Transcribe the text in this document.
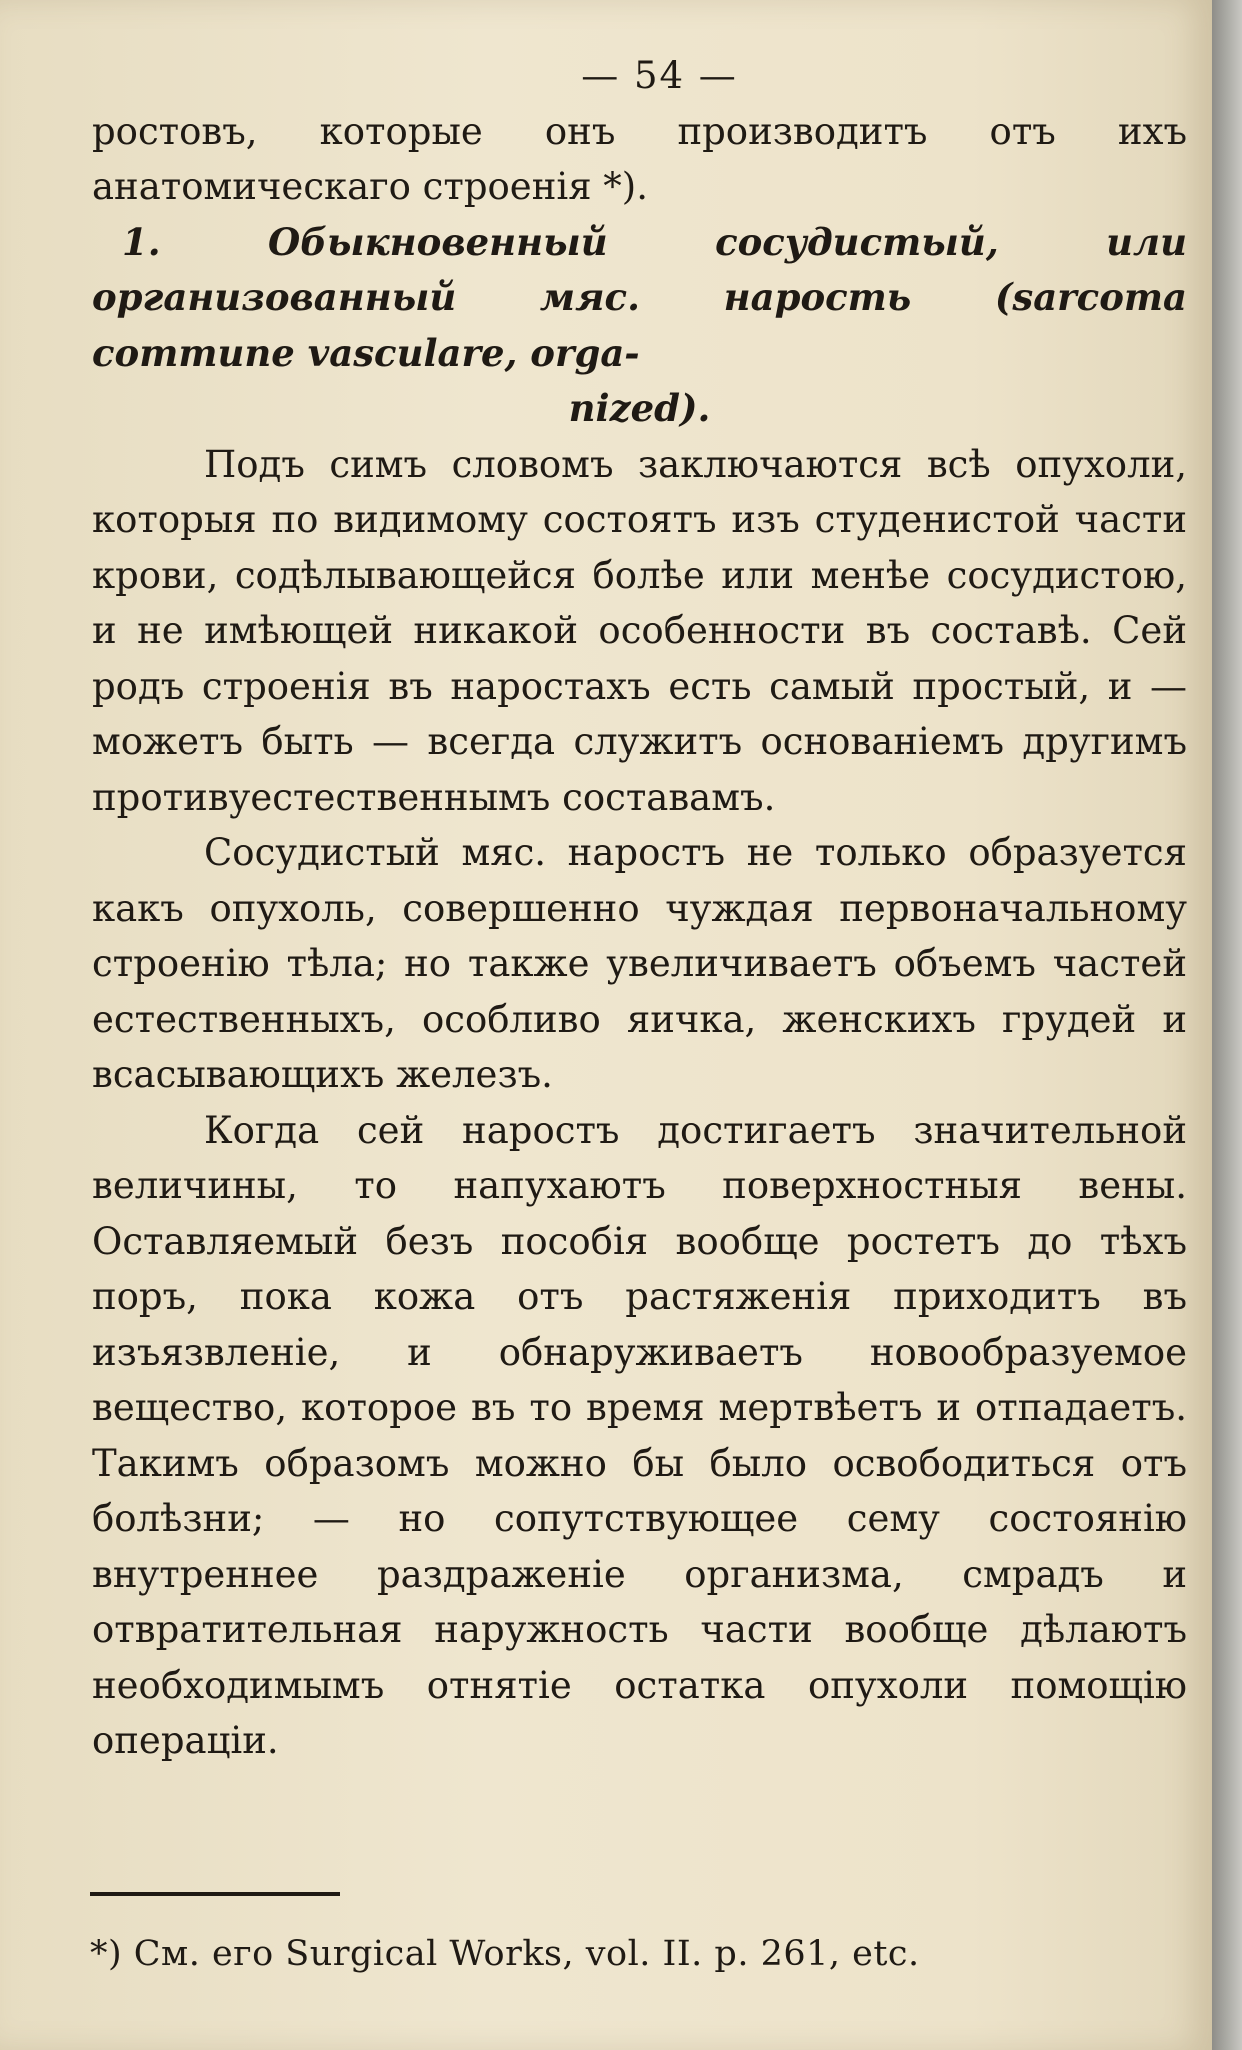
— 54 —

ростовъ, которые онъ производитъ отъ ихъ анатомическаго строенія *).

1. Обыкновенный сосудистый, или организованный мяс. нарость (sarcoma commune vasculare, orga-

nized).

Подъ симъ словомъ заключаются всѣ опухоли, которыя по видимому состоятъ изъ студенистой части крови, содѣлывающейся болѣе или менѣе сосудистою, и не имѣющей никакой особенности въ составѣ. Сей родъ строенія въ наростахъ есть самый простый, и — можетъ быть — всегда служитъ основаніемъ другимъ противуестественнымъ составамъ.

Сосудистый мяс. наростъ не только образуется какъ опухоль, совершенно чуждая первоначальному строенію тѣла; но также увеличиваетъ объемъ частей естественныхъ, особливо яичка, женскихъ грудей и всасывающихъ железъ.

Когда сей наростъ достигаетъ значительной величины, то напухаютъ поверхностныя вены. Оставляемый безъ пособія вообще ростетъ до тѣхъ поръ, пока кожа отъ растяженія приходитъ въ изъязвленіе, и обнаруживаетъ новообразуемое вещество, которое въ то время мертвѣетъ и отпадаетъ. Такимъ образомъ можно бы было освободиться отъ болѣзни; — но сопутствующее сему состоянію внутреннее раздраженіе организма, смрадъ и отвратительная наружность части вообще дѣлаютъ необходимымъ отнятіе остатка опухоли помощію операціи.

*) См. его Surgical Works, vol. II. p. 261, etc.
